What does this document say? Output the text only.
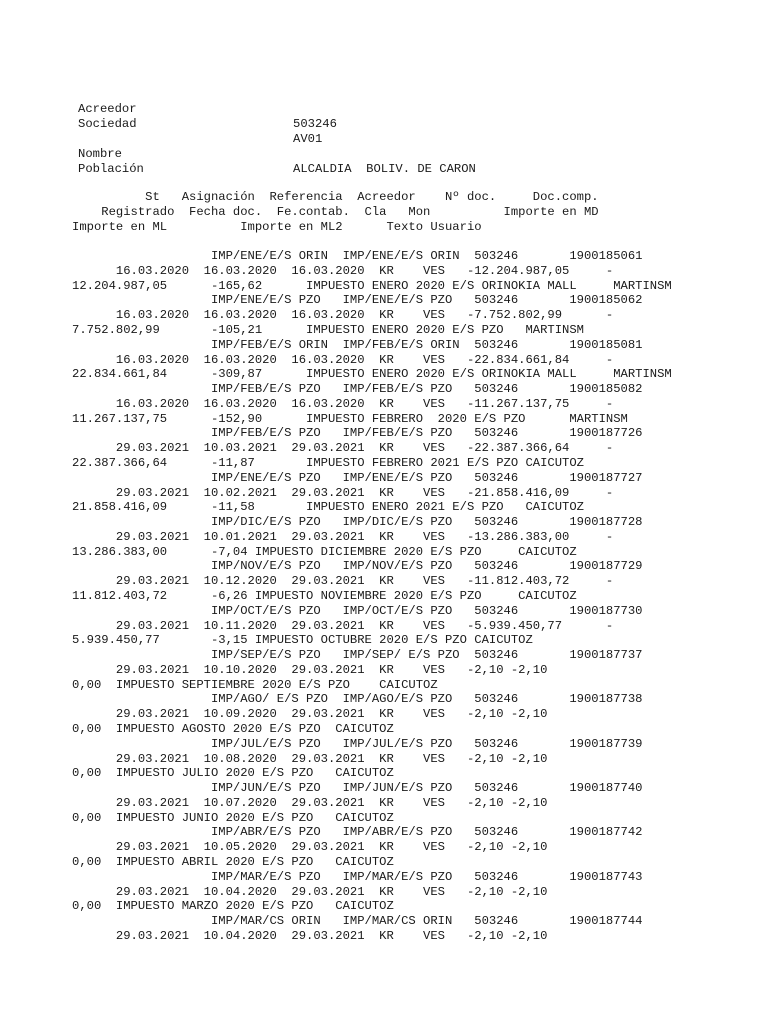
Acreedor

503246

Sociedad

AV01

Nombre

ALCALDIA  BOLIV. DE CARON

Población

St   Asignación  Referencia  Acreedor    Nº doc.     Doc.comp.
Registrado  Fecha doc.  Fe.contab.  Cla   Mon          Importe en MD
Importe en ML          Importe en ML2      Texto Usuario
IMP/ENE/E/S ORIN  IMP/ENE/E/S ORIN  503246       1900185061
16.03.2020  16.03.2020  16.03.2020  KR    VES   -12.204.987,05     -
12.204.987,05      -165,62      IMPUESTO ENERO 2020 E/S ORINOKIA MALL     MARTINSM
IMP/ENE/E/S PZO   IMP/ENE/E/S PZO   503246       1900185062
16.03.2020  16.03.2020  16.03.2020  KR    VES   -7.752.802,99      -
7.752.802,99       -105,21      IMPUESTO ENERO 2020 E/S PZO   MARTINSM
IMP/FEB/E/S ORIN  IMP/FEB/E/S ORIN  503246       1900185081
16.03.2020  16.03.2020  16.03.2020  KR    VES   -22.834.661,84     -
22.834.661,84      -309,87      IMPUESTO ENERO 2020 E/S ORINOKIA MALL     MARTINSM
IMP/FEB/E/S PZO   IMP/FEB/E/S PZO   503246       1900185082
16.03.2020  16.03.2020  16.03.2020  KR    VES   -11.267.137,75     -
11.267.137,75      -152,90      IMPUESTO FEBRERO  2020 E/S PZO      MARTINSM
IMP/FEB/E/S PZO   IMP/FEB/E/S PZO   503246       1900187726
29.03.2021  10.03.2021  29.03.2021  KR    VES   -22.387.366,64     -
22.387.366,64      -11,87       IMPUESTO FEBRERO 2021 E/S PZO CAICUTOZ
IMP/ENE/E/S PZO   IMP/ENE/E/S PZO   503246       1900187727
29.03.2021  10.02.2021  29.03.2021  KR    VES   -21.858.416,09     -
21.858.416,09      -11,58       IMPUESTO ENERO 2021 E/S PZO   CAICUTOZ
IMP/DIC/E/S PZO   IMP/DIC/E/S PZO   503246       1900187728
29.03.2021  10.01.2021  29.03.2021  KR    VES   -13.286.383,00     -
13.286.383,00      -7,04 IMPUESTO DICIEMBRE 2020 E/S PZO     CAICUTOZ
IMP/NOV/E/S PZO   IMP/NOV/E/S PZO   503246       1900187729
29.03.2021  10.12.2020  29.03.2021  KR    VES   -11.812.403,72     -
11.812.403,72      -6,26 IMPUESTO NOVIEMBRE 2020 E/S PZO     CAICUTOZ
IMP/OCT/E/S PZO   IMP/OCT/E/S PZO   503246       1900187730
29.03.2021  10.11.2020  29.03.2021  KR    VES   -5.939.450,77      -
5.939.450,77       -3,15 IMPUESTO OCTUBRE 2020 E/S PZO CAICUTOZ
IMP/SEP/E/S PZO   IMP/SEP/ E/S PZO  503246       1900187737
29.03.2021  10.10.2020  29.03.2021  KR    VES   -2,10 -2,10
0,00  IMPUESTO SEPTIEMBRE 2020 E/S PZO    CAICUTOZ
IMP/AGO/ E/S PZO  IMP/AGO/E/S PZO   503246       1900187738
29.03.2021  10.09.2020  29.03.2021  KR    VES   -2,10 -2,10
0,00  IMPUESTO AGOSTO 2020 E/S PZO  CAICUTOZ
IMP/JUL/E/S PZO   IMP/JUL/E/S PZO   503246       1900187739
29.03.2021  10.08.2020  29.03.2021  KR    VES   -2,10 -2,10
0,00  IMPUESTO JULIO 2020 E/S PZO   CAICUTOZ
IMP/JUN/E/S PZO   IMP/JUN/E/S PZO   503246       1900187740
29.03.2021  10.07.2020  29.03.2021  KR    VES   -2,10 -2,10
0,00  IMPUESTO JUNIO 2020 E/S PZO   CAICUTOZ
IMP/ABR/E/S PZO   IMP/ABR/E/S PZO   503246       1900187742
29.03.2021  10.05.2020  29.03.2021  KR    VES   -2,10 -2,10
0,00  IMPUESTO ABRIL 2020 E/S PZO   CAICUTOZ
IMP/MAR/E/S PZO   IMP/MAR/E/S PZO   503246       1900187743
29.03.2021  10.04.2020  29.03.2021  KR    VES   -2,10 -2,10
0,00  IMPUESTO MARZO 2020 E/S PZO   CAICUTOZ
IMP/MAR/CS ORIN   IMP/MAR/CS ORIN   503246       1900187744
29.03.2021  10.04.2020  29.03.2021  KR    VES   -2,10 -2,10
